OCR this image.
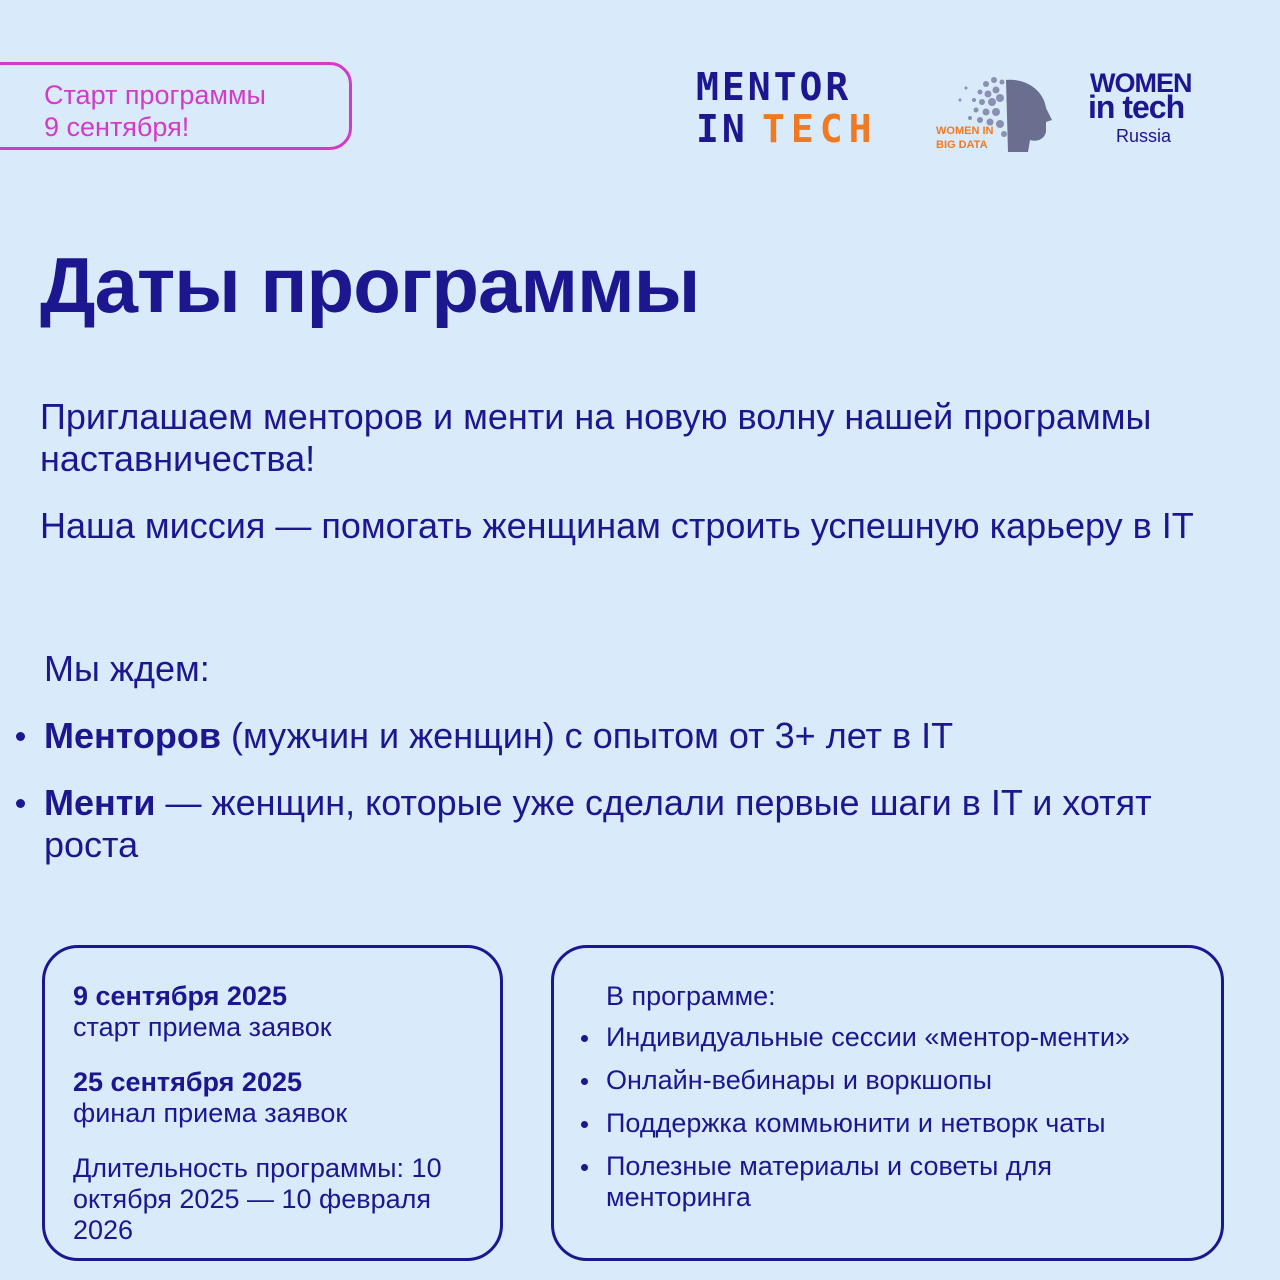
Старт программы
9 сентября!
MENTOR
IN TECH	WOMEN IN
BIG DATA
WOMEN
in tech
Russia
Даты программы

Приглашаем менторов и менти на новую волну нашей программы наставничества!

Наша миссия — помогать женщинам строить успешную карьеру в IT

Мы ждем:

Менторов (мужчин и женщин) с опытом от 3+ лет в IT
Менти — женщин, которые уже сделали первые шаги в IT и хотят роста
9 сентября 2025
старт приема заявок
25 сентября 2025
финал приема заявок
Длительность программы: 10 октября 2025 — 10 февраля 2026

В программе:

Индивидуальные сессии «ментор-менти»
Онлайн-вебинары и воркшопы
Поддержка коммьюнити и нетворк чаты
Полезные материалы и советы для менторинга
